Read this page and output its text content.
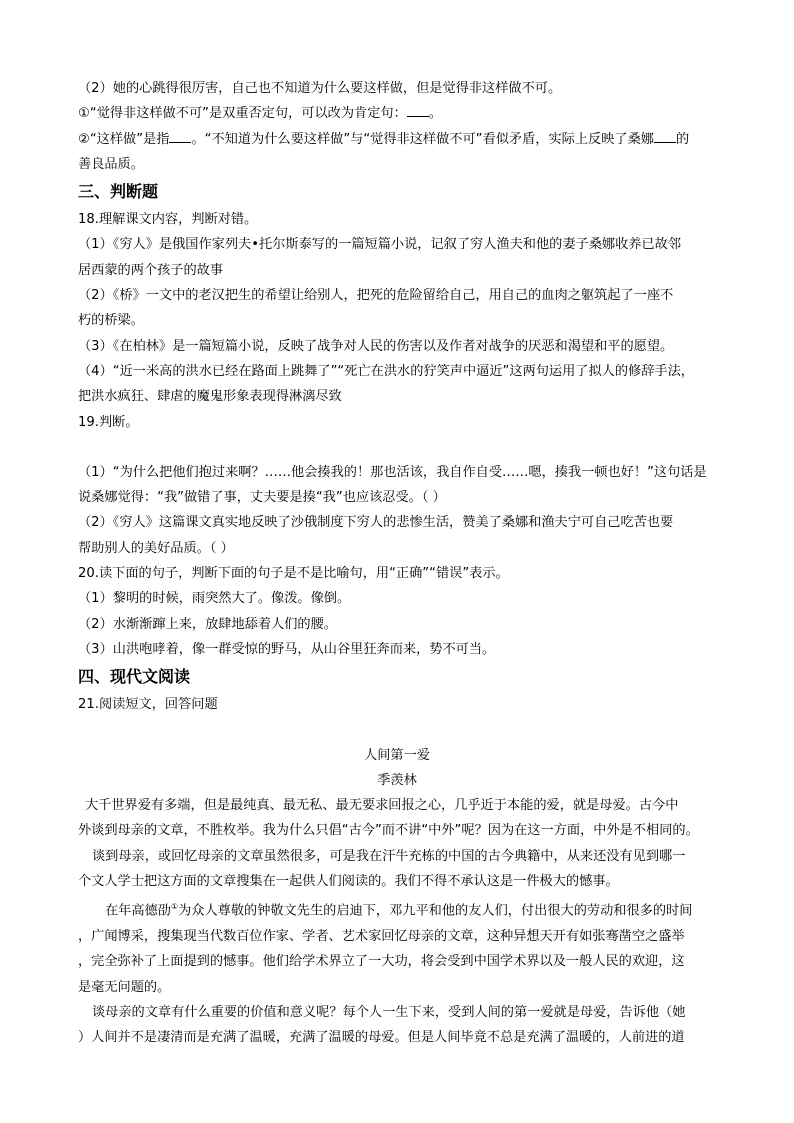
（2）她的心跳得很厉害，自己也不知道为什么要这样做，但是觉得非这样做不可。
①“觉得非这样做不可”是双重否定句，可以改为肯定句： 。
②“这样做”是指 。“不知道为什么要这样做”与“觉得非这样做不可”看似矛盾，实际上反映了桑娜 的
善良品质。
三、判断题
18.理解课文内容，判断对错。
（1）《穷人》是俄国作家列夫•托尔斯泰写的一篇短篇小说，记叙了穷人渔夫和他的妻子桑娜收养已故邻
居西蒙的两个孩子的故事
（2）《桥》一文中的老汉把生的希望让给别人，把死的危险留给自己，用自己的血肉之躯筑起了一座不
朽的桥梁。
（3）《在柏林》是一篇短篇小说，反映了战争对人民的伤害以及作者对战争的厌恶和渴望和平的愿望。
（4）“近一米高的洪水已经在路面上跳舞了”“死亡在洪水的狞笑声中逼近”这两句运用了拟人的修辞手法，
把洪水疯狂、肆虐的魔鬼形象表现得淋漓尽致
19.判断。
（1）“为什么把他们抱过来啊？……他会揍我的！那也活该，我自作自受……嗯，揍我一顿也好！”这句话是
说桑娜觉得：“我”做错了事，丈夫要是揍“我”也应该忍受。（ ）
（2）《穷人》这篇课文真实地反映了沙俄制度下穷人的悲惨生活，赞美了桑娜和渔夫宁可自己吃苦也要
帮助别人的美好品质。（ ）
20.读下面的句子，判断下面的句子是不是比喻句，用“正确”“错误”表示。
（1）黎明的时候，雨突然大了。像泼。像倒。
（2）水渐渐蹿上来，放肆地舔着人们的腰。
（3）山洪咆哮着，像一群受惊的野马，从山谷里狂奔而来，势不可当。
四、现代文阅读
21.阅读短文，回答问题
人间第一爱
季羡林
大千世界爱有多端，但是最纯真、最无私、最无要求回报之心，几乎近于本能的爱，就是母爱。古今中
外谈到母亲的文章，不胜枚举。我为什么只倡“古今”而不讲“中外”呢？因为在这一方面，中外是不相同的。
谈到母亲，或回忆母亲的文章虽然很多，可是我在汗牛充栋的中国的古今典籍中，从来还没有见到哪一
个文人学士把这方面的文章搜集在一起供人们阅读的。我们不得不承认这是一件极大的憾事。
在年高德劭①为众人尊敬的钟敬文先生的启迪下，邓九平和他的友人们，付出很大的劳动和很多的时间
，广闻博采，搜集现当代数百位作家、学者、艺术家回忆母亲的文章，这种异想天开有如张骞凿空之盛举
，完全弥补了上面提到的憾事。他们给学术界立了一大功，将会受到中国学术界以及一般人民的欢迎，这
是毫无问题的。
谈母亲的文章有什么重要的价值和意义呢？每个人一生下来，受到人间的第一爱就是母爱，告诉他（她
）人间并不是凄清而是充满了温暖，充满了温暖的母爱。但是人间毕竟不总是充满了温暖的，人前进的道
